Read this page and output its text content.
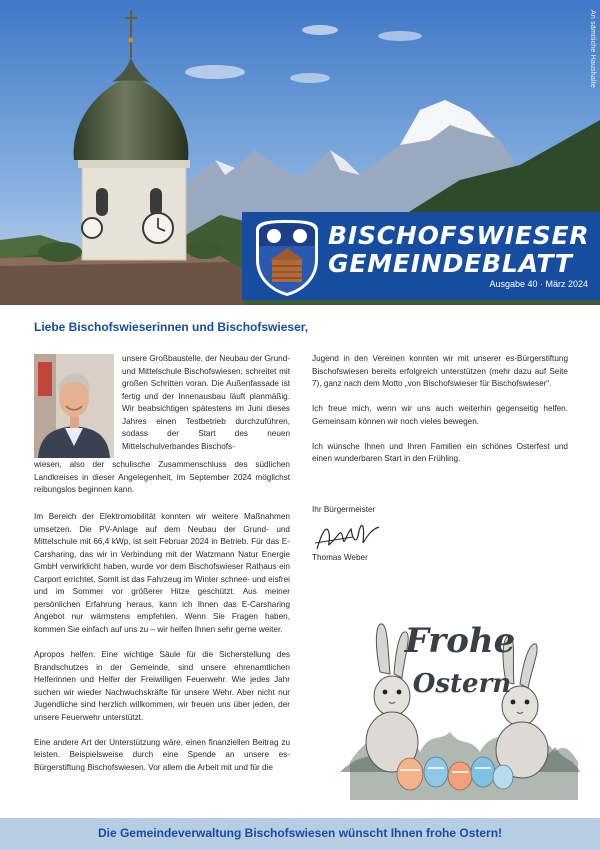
An sämtliche Haushalte
BISCHOFSWIESER
GEMEINDEBLATT
Ausgabe 40 · März 2024
Liebe Bischofswieserinnen und Bischofswieser,

unsere Großbaustelle, der Neubau der Grund- und Mittelschule Bischofswiesen, schreitet mit großen Schritten voran. Die Außenfassade ist fertig und der Innenausbau läuft planmäßig. Wir beabsichtigen spätestens im Juni dieses Jahres einen Testbetrieb durchzuführen, sodass der Start des neuen Mittelschulverbandes Bischofs-

wiesen, also der schulische Zusammenschluss des südlichen Landkreises in dieser Angelegenheit, im September 2024 möglichst reibungslos beginnen kann.

Im Bereich der Elektromobilität konnten wir weitere Maßnahmen umsetzen. Die PV-Anlage auf dem Neubau der Grund- und Mittelschule mit 66,4 kWp, ist seit Februar 2024 in Betrieb. Für das E-Carsharing, das wir in Verbindung mit der Watzmann Natur Energie GmbH verwirklicht haben, wurde vor dem Bischofswieser Rathaus ein Carport errichtet. Somit ist das Fahrzeug im Winter schnee- und eisfrei und im Sommer vor größerer Hitze geschützt. Aus meiner persönlichen Erfahrung heraus, kann ich Ihnen das E-Carsharing Angebot nur wärmstens empfehlen. Wenn Sie Fragen haben, kommen Sie einfach auf uns zu – wir helfen Ihnen sehr gerne weiter.

Apropos helfen: Eine wichtige Säule für die Sicherstellung des Brandschutzes in der Gemeinde, sind unsere ehrenamtlichen Helferinnen und Helfer der Freiwilligen Feuerwehr. Wie jedes Jahr suchen wir wieder Nachwuchskräfte für unsere Wehr. Aber nicht nur Jugendliche sind herzlich willkommen, wir freuen uns über jeden, der unsere Feuerwehr unterstützt.

Eine andere Art der Unterstützung wäre, einen finanziellen Beitrag zu leisten. Beispielsweise durch eine Spende an unsere es-Bürgerstiftung Bischofswiesen. Vor allem die Arbeit mit und für die

Jugend in den Vereinen konnten wir mit unserer es-Bürgerstiftung Bischofswiesen bereits erfolgreich unterstützen (mehr dazu auf Seite 7), ganz nach dem Motto „von Bischofswieser für Bischofswieser“.

Ich freue mich, wenn wir uns auch weiterhin gegenseitig helfen. Gemeinsam können wir noch vieles bewegen.

Ich wünsche Ihnen und Ihren Familien ein schönes Osterfest und einen wunderbaren Start in den Frühling.

Ihr Bürgermeister
Thomas Weber
Frohe
Ostern
Die Gemeindeverwaltung Bischofswiesen wünscht Ihnen frohe Ostern!
